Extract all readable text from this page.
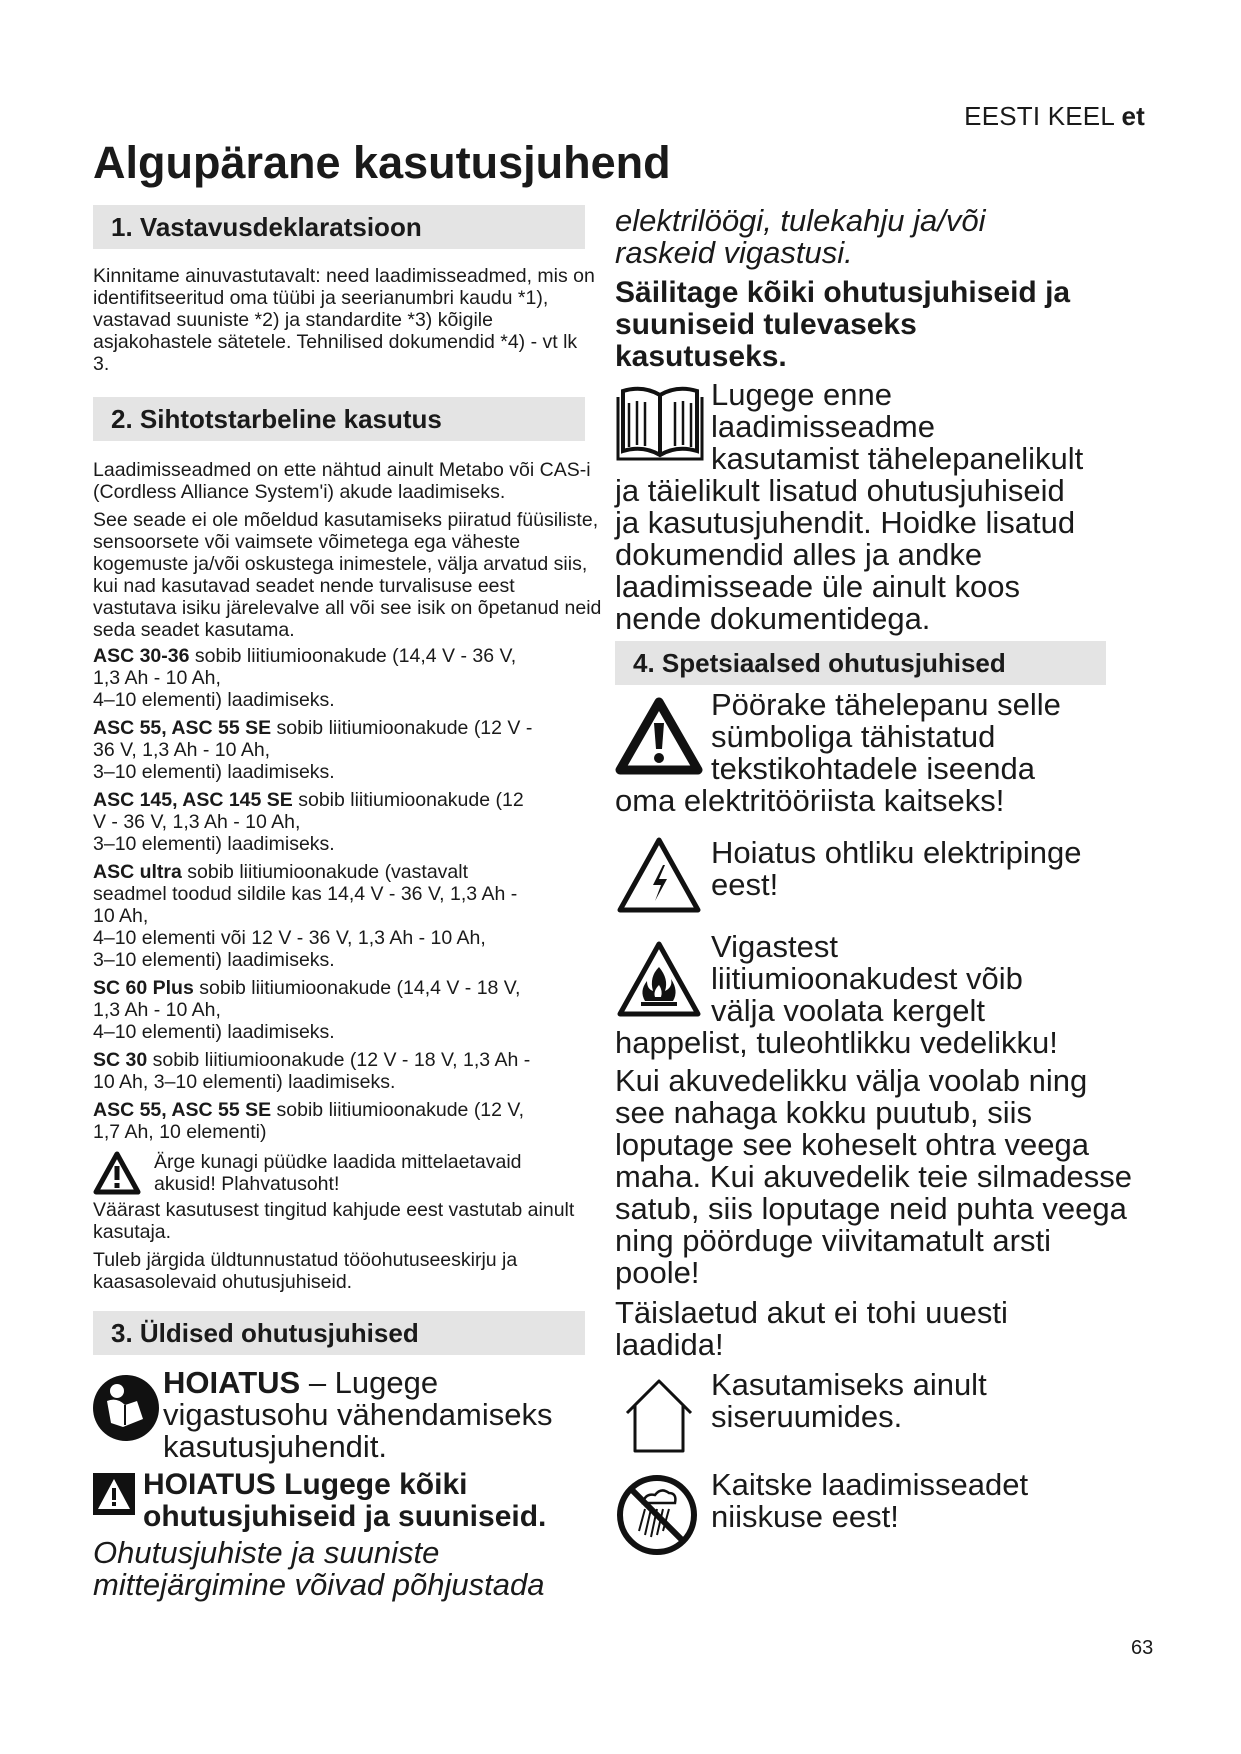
EESTI KEEL et
Algupärane kasutusjuhend
1. Vastavusdeklaratsioon

Kinnitame ainuvastutavalt: need laadimisseadmed, mis on identifitseeritud oma tüübi ja seerianumbri kaudu *1), vastavad suuniste *2) ja standardite *3) kõigile asjakohastele sätetele. Tehnilised dokumendid *4) - vt lk 3.

2. Sihtotstarbeline kasutus

Laadimisseadmed on ette nähtud ainult Metabo või CAS-i (Cordless Alliance System'i) akude laadimiseks.

See seade ei ole mõeldud kasutamiseks piiratud füüsiliste, sensoorsete või vaimsete võimetega ega väheste kogemuste ja/või oskustega inimestele, välja arvatud siis, kui nad kasutavad seadet nende turvalisuse eest vastutava isiku järelevalve all või see isik on õpetanud neid seda seadet kasutama.

ASC 30-36 sobib liitiumioonakude (14,4 V - 36 V,
1,3 Ah - 10 Ah,
4–10 elementi) laadimiseks.
ASC 55, ASC 55 SE sobib liitiumioonakude (12 V -
36 V, 1,3 Ah - 10 Ah,
3–10 elementi) laadimiseks.
ASC 145, ASC 145 SE sobib liitiumioonakude (12
V - 36 V, 1,3 Ah - 10 Ah,
3–10 elementi) laadimiseks.
ASC ultra sobib liitiumioonakude (vastavalt
seadmel toodud sildile kas 14,4 V - 36 V, 1,3 Ah -
10 Ah,
4–10 elementi või 12 V - 36 V, 1,3 Ah - 10 Ah,
3–10 elementi) laadimiseks.
SC 60 Plus sobib liitiumioonakude (14,4 V - 18 V,
1,3 Ah - 10 Ah,
4–10 elementi) laadimiseks.
SC 30 sobib liitiumioonakude (12 V - 18 V, 1,3 Ah -
10 Ah, 3–10 elementi) laadimiseks.
ASC 55, ASC 55 SE sobib liitiumioonakude (12 V,
1,7 Ah, 10 elementi)
Ärge kunagi püüdke laadida mittelaetavaid
akusid! Plahvatusoht!

Väärast kasutusest tingitud kahjude eest vastutab ainult kasutaja.

Tuleb järgida üldtunnustatud tööohutuseeskirju ja kaasasolevaid ohutusjuhiseid.

3. Üldised ohutusjuhised
HOIATUS – Lugege
vigastusohu vähendamiseks
kasutusjuhendit.
HOIATUS Lugege kõiki
ohutusjuhiseid ja suuniseid.
Ohutusjuhiste ja suuniste
mittejärgimine võivad põhjustada
elektrilöögi, tulekahju ja/või
raskeid vigastusi.
Säilitage kõiki ohutusjuhiseid ja
suuniseid tulevaseks
kasutuseks.
Lugege enne
laadimisseadme
kasutamist tähelepanelikult
ja täielikult lisatud ohutusjuhiseid
ja kasutusjuhendit. Hoidke lisatud
dokumendid alles ja andke
laadimisseade üle ainult koos
nende dokumentidega.
4. Spetsiaalsed ohutusjuhised
Pöörake tähelepanu selle
sümboliga tähistatud
tekstikohtadele iseenda
oma elektritööriista kaitseks!
Hoiatus ohtliku elektripinge
eest!
Vigastest
liitiumioonakudest võib
välja voolata kergelt
happelist, tuleohtlikku vedelikku!
Kui akuvedelikku välja voolab ning see nahaga kokku puutub, siis loputage see koheselt ohtra veega maha. Kui akuvedelik teie silmadesse satub, siis loputage neid puhta veega ning pöörduge viivitamatult arsti poole!
Täislaetud akut ei tohi uuesti
laadida!
Kasutamiseks ainult
siseruumides.
Kaitske laadimisseadet
niiskuse eest!
63
